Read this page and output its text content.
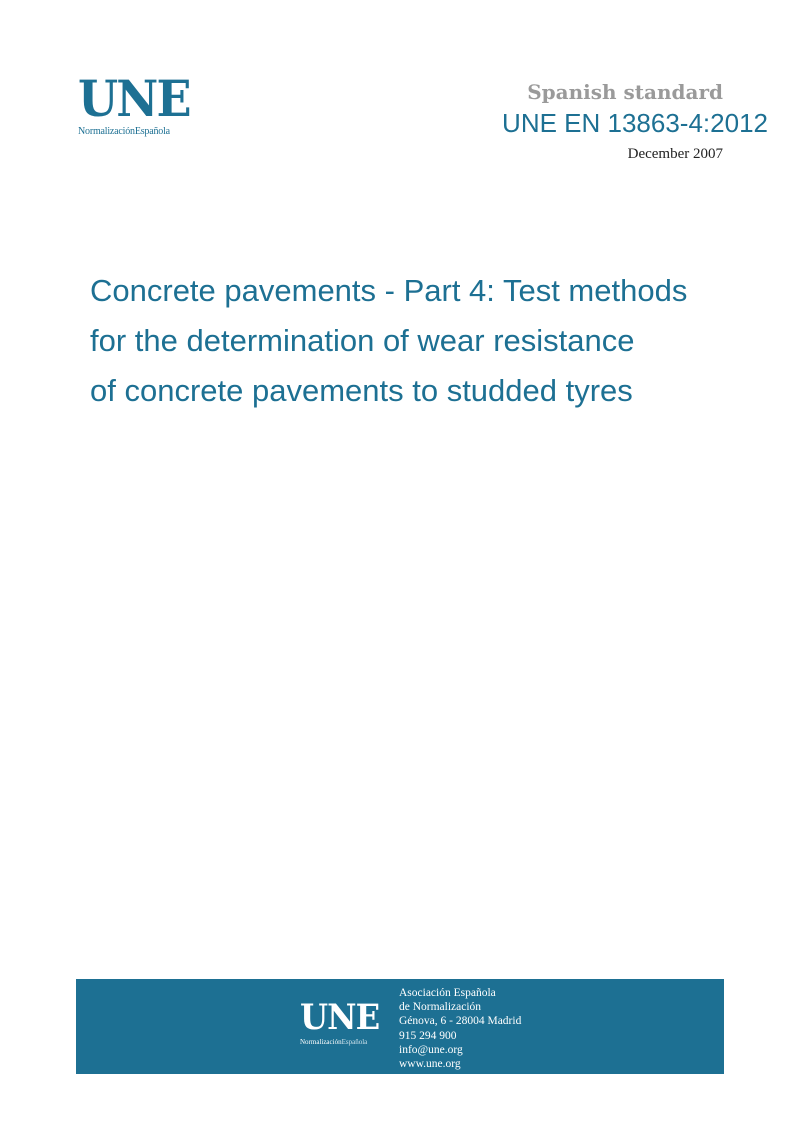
UNE
NormalizaciónEspañola
Spanish standard
UNE EN 13863-4:2012
December 2007
Concrete pavements - Part 4: Test methods
for the determination of wear resistance
of concrete pavements to studded tyres
UNE
NormalizaciónEspañola
Asociación Española
de Normalización
Génova, 6 - 28004 Madrid
915 294 900
info@une.org
www.une.org
